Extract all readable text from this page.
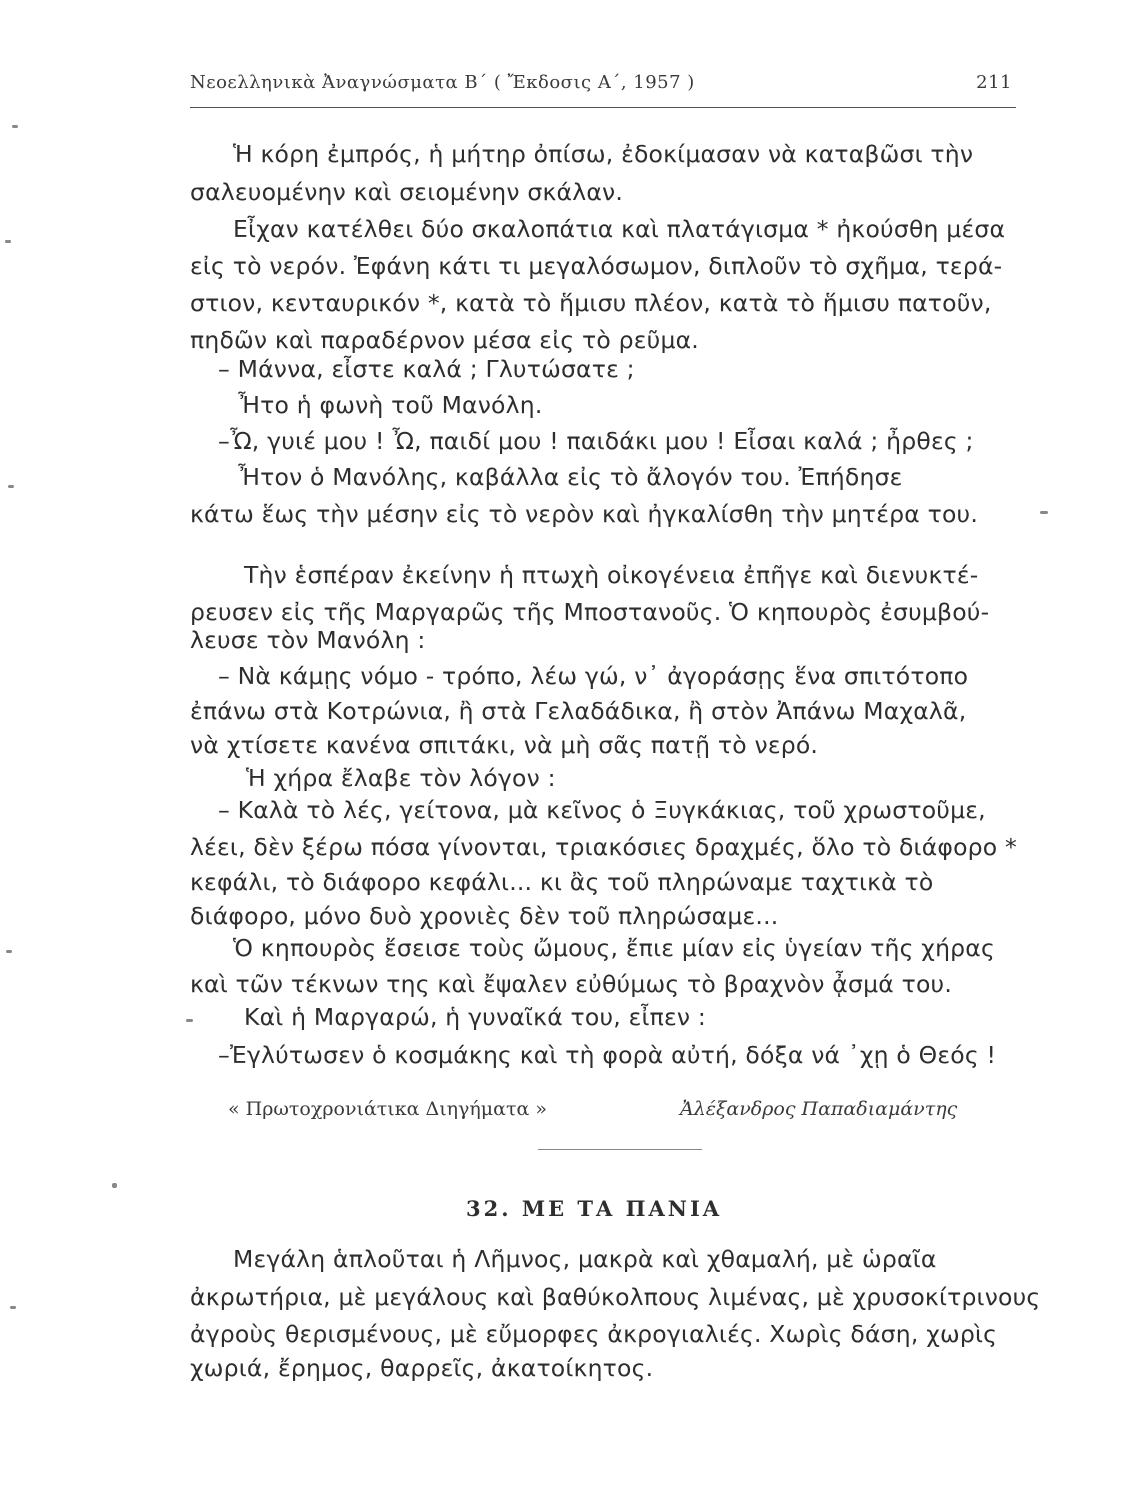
Νεοελληνικὰ Ἀναγνώσματα Β΄ ( Ἔκδοσις Α΄, 1957 )	211
Ἡ κόρη ἐμπρός, ἡ μήτηρ ὀπίσω, ἐδοκίμασαν νὰ καταβῶσι τὴν
σαλευομένην καὶ σειομένην σκάλαν.
Εἶχαν κατέλθει δύο σκαλοπάτια καὶ πλατάγισμα * ἠκούσθη μέσα
εἰς τὸ νερόν. Ἐφάνη κάτι τι μεγαλόσωμον, διπλοῦν τὸ σχῆμα, τερά-
στιον, κενταυρικόν *, κατὰ τὸ ἥμισυ πλέον, κατὰ τὸ ἥμισυ πατοῦν,
πηδῶν καὶ παραδέρνον μέσα εἰς τὸ ρεῦμα.
– Μάννα, εἶστε καλά ; Γλυτώσατε ;
Ἦτο ἡ φωνὴ τοῦ Μανόλη.
–Ὦ, γυιέ μου ! Ὦ, παιδί μου ! παιδάκι μου ! Εἶσαι καλά ; ἦρθες ;
Ἦτον ὁ Μανόλης, καβάλλα εἰς τὸ ἄλογόν του. Ἐπήδησε
κάτω ἕως τὴν μέσην εἰς τὸ νερὸν καὶ ἠγκαλίσθη τὴν μητέρα του.
Τὴν ἑσπέραν ἐκείνην ἡ πτωχὴ οἰκογένεια ἐπῆγε καὶ διενυκτέ-
ρευσεν εἰς τῆς Μαργαρῶς τῆς Μποστανοῦς. Ὁ κηπουρὸς ἐσυμβού-
λευσε τὸν Μανόλη :
– Νὰ κάμῃς νόμο - τρόπο, λέω γώ, ν᾽ ἀγοράσῃς ἕνα σπιτότοπο
ἐπάνω στὰ Κοτρώνια, ἢ στὰ Γελαδάδικα, ἢ στὸν Ἀπάνω Μαχαλᾶ,
νὰ χτίσετε κανένα σπιτάκι, νὰ μὴ σᾶς πατῇ τὸ νερό.
Ἡ χήρα ἔλαβε τὸν λόγον :
– Καλὰ τὸ λές, γείτονα, μὰ κεῖνος ὁ Ξυγκάκιας, τοῦ χρωστοῦμε,
λέει, δὲν ξέρω πόσα γίνονται, τριακόσιες δραχμές, ὅλο τὸ διάφορο *
κεφάλι, τὸ διάφορο κεφάλι... κι ἂς τοῦ πληρώναμε ταχτικὰ τὸ
διάφορο, μόνο δυὸ χρονιὲς δὲν τοῦ πληρώσαμε...
Ὁ κηπουρὸς ἔσεισε τοὺς ὤμους, ἔπιε μίαν εἰς ὑγείαν τῆς χήρας
καὶ τῶν τέκνων της καὶ ἔψαλεν εὐθύμως τὸ βραχνὸν ᾆσμά του.
Καὶ ἡ Μαργαρώ, ἡ γυναῖκά του, εἶπεν :
–Ἐγλύτωσεν ὁ κοσμάκης καὶ τὴ φορὰ αὐτή, δόξα νά ᾽χῃ ὁ Θεός !
« Πρωτοχρονιάτικα Διηγήματα »	Ἀλέξανδρος Παπαδιαμάντης
32. ΜΕ ΤΑ ΠΑΝΙΑ
Μεγάλη ἁπλοῦται ἡ Λῆμνος, μακρὰ καὶ χθαμαλή, μὲ ὡραῖα
ἀκρωτήρια, μὲ μεγάλους καὶ βαθύκολπους λιμένας, μὲ χρυσοκίτρινους
ἀγροὺς θερισμένους, μὲ εὔμορφες ἀκρογιαλιές. Χωρὶς δάση, χωρὶς
χωριά, ἔρημος, θαρρεῖς, ἀκατοίκητος.
